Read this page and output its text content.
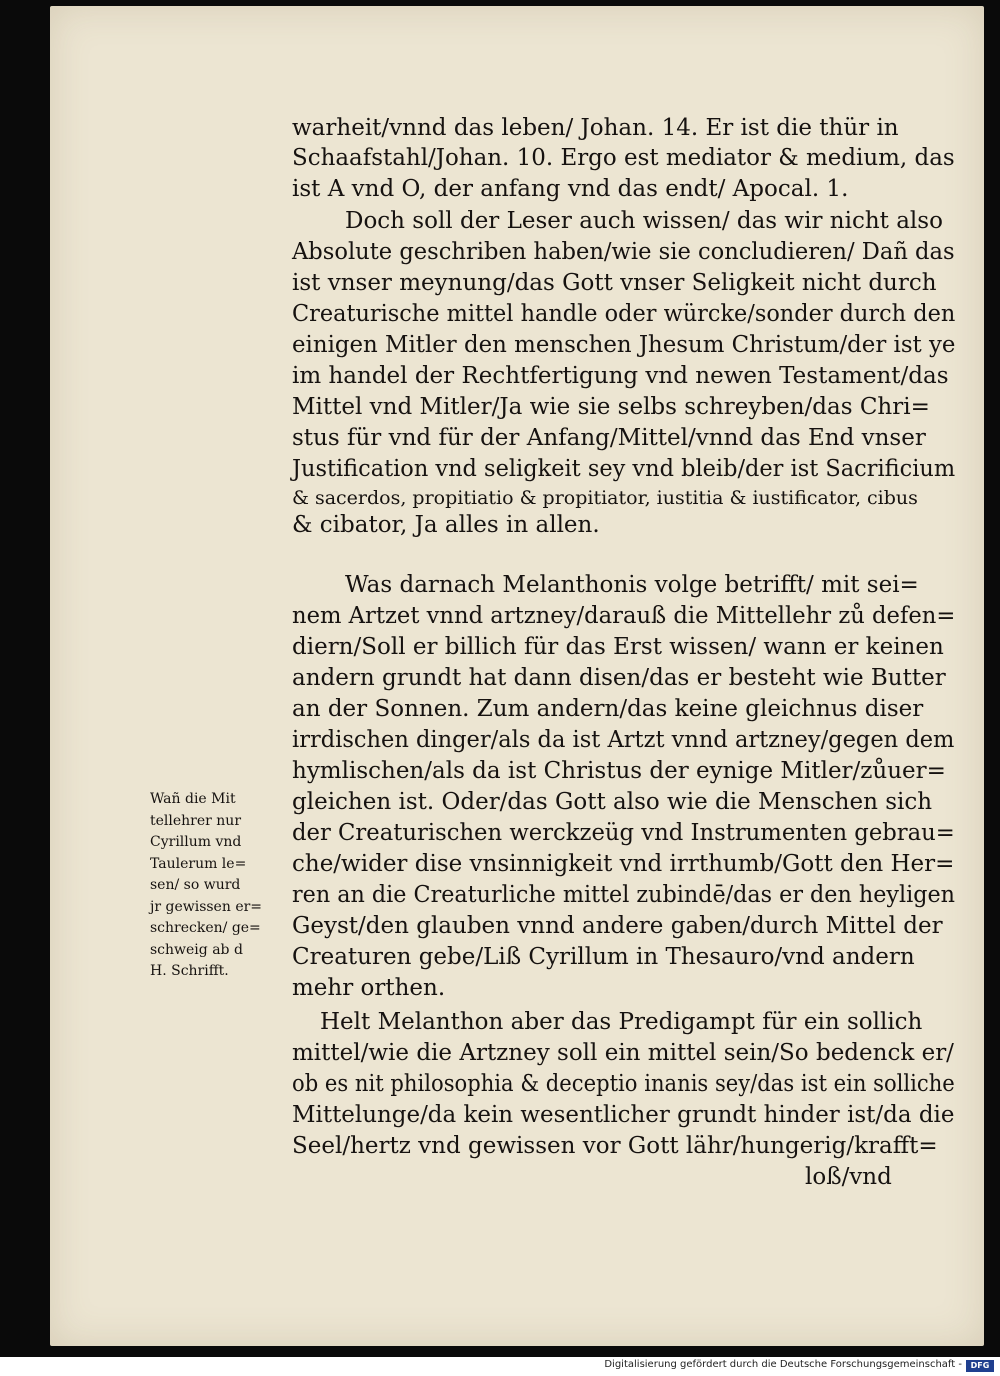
warheit/vnnd das leben/ Johan. 14. Er ist die thür in
Schaafstahl/Johan. 10. Ergo est mediator & medium, das
ist A vnd O, der anfang vnd das endt/ Apocal. 1.
Doch soll der Leser auch wissen/ das wir nicht also
Absolute geschriben haben/wie sie concludieren/ Dañ das
ist vnser meynung/das Gott vnser Seligkeit nicht durch
Creaturische mittel handle oder würcke/sonder durch den
einigen Mitler den menschen Jhesum Christum/der ist ye
im handel der Rechtfertigung vnd newen Testament/das
Mittel vnd Mitler/Ja wie sie selbs schreyben/das Chri=
stus für vnd für der Anfang/Mittel/vnnd das End vnser
Justification vnd seligkeit sey vnd bleib/der ist Sacrificium
& sacerdos, propitiatio & propitiator, iustitia & iustificator, cibus
& cibator, Ja alles in allen.
Was darnach Melanthonis volge betrifft/ mit sei=
nem Artzet vnnd artzney/darauß die Mittellehr zů defen=
diern/Soll er billich für das Erst wissen/ wann er keinen
andern grundt hat dann disen/das er besteht wie Butter
an der Sonnen. Zum andern/das keine gleichnus diser
irrdischen dinger/als da ist Artzt vnnd artzney/gegen dem
hymlischen/als da ist Christus der eynige Mitler/zůuer=
gleichen ist. Oder/das Gott also wie die Menschen sich
der Creaturischen werckzeüg vnd Instrumenten gebrau=
che/wider dise vnsinnigkeit vnd irrthumb/Gott den Her=
ren an die Creaturliche mittel zubindē/das er den heyligen
Geyst/den glauben vnnd andere gaben/durch Mittel der
Creaturen gebe/Liß Cyrillum in Thesauro/vnd andern
mehr orthen.
Helt Melanthon aber das Predigampt für ein sollich
mittel/wie die Artzney soll ein mittel sein/So bedenck er/
ob es nit philosophia & deceptio inanis sey/das ist ein solliche
Mittelunge/da kein wesentlicher grundt hinder ist/da die
Seel/hertz vnd gewissen vor Gott lähr/hungerig/krafft=
loß/vnd
Wañ die Mit
tellehrer nur
Cyrillum vnd
Taulerum le=
sen/ so wurd
jr gewissen er=
schrecken/ ge=
schweig ab d
H. Schrifft.
Digitalisierung gefördert durch die Deutsche Forschungsgemeinschaft -	DFG
